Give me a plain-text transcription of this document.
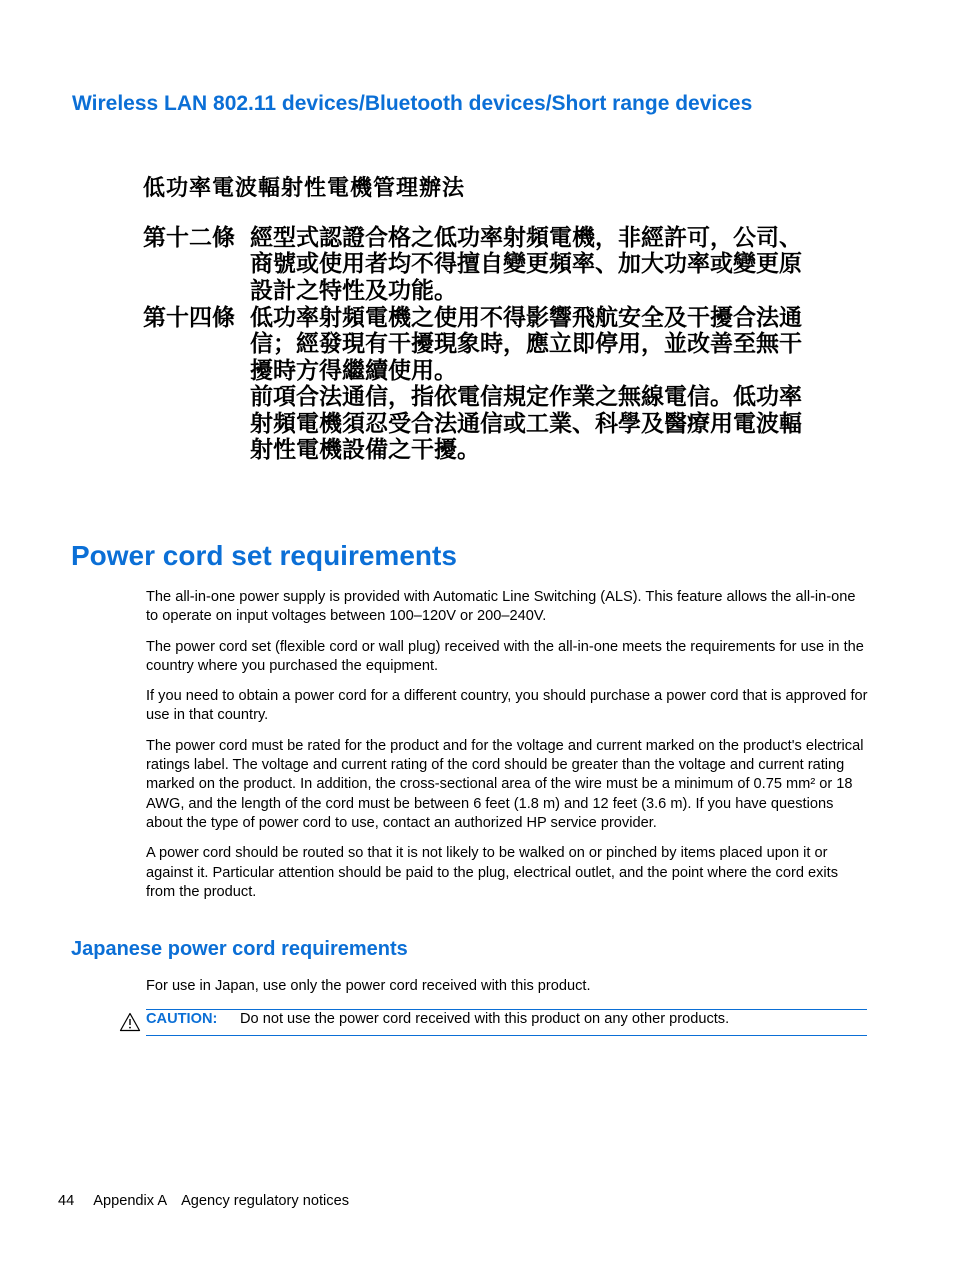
Wireless LAN 802.11 devices/Bluetooth devices/Short range devices
低功率電波輻射性電機管理辦法
第十二條 經型式認證合格之低功率射頻電機，非經許可，公司、

商號或使用者均不得擅自變更頻率、加大功率或變更原

設計之特性及功能。

第十四條 低功率射頻電機之使用不得影響飛航安全及干擾合法通

信；經發現有干擾現象時，應立即停用，並改善至無干

擾時方得繼續使用。

前項合法通信，指依電信規定作業之無線電信。低功率

射頻電機須忍受合法通信或工業、科學及醫療用電波輻

射性電機設備之干擾。

Power cord set requirements

The all-in-one power supply is provided with Automatic Line Switching (ALS). This feature allows the all-in-one to operate on input voltages between 100–120V or 200–240V.

The power cord set (flexible cord or wall plug) received with the all-in-one meets the requirements for use in the country where you purchased the equipment.

If you need to obtain a power cord for a different country, you should purchase a power cord that is approved for use in that country.

The power cord must be rated for the product and for the voltage and current marked on the product's electrical ratings label. The voltage and current rating of the cord should be greater than the voltage and current rating marked on the product. In addition, the cross-sectional area of the wire must be a minimum of 0.75 mm² or 18 AWG, and the length of the cord must be between 6 feet (1.8 m) and 12 feet (3.6 m). If you have questions about the type of power cord to use, contact an authorized HP service provider.

A power cord should be routed so that it is not likely to be walked on or pinched by items placed upon it or against it. Particular attention should be paid to the plug, electrical outlet, and the point where the cord exits from the product.

Japanese power cord requirements
For use in Japan, use only the power cord received with this product.
CAUTION: Do not use the power cord received with this product on any other products.
44 Appendix A Agency regulatory notices
